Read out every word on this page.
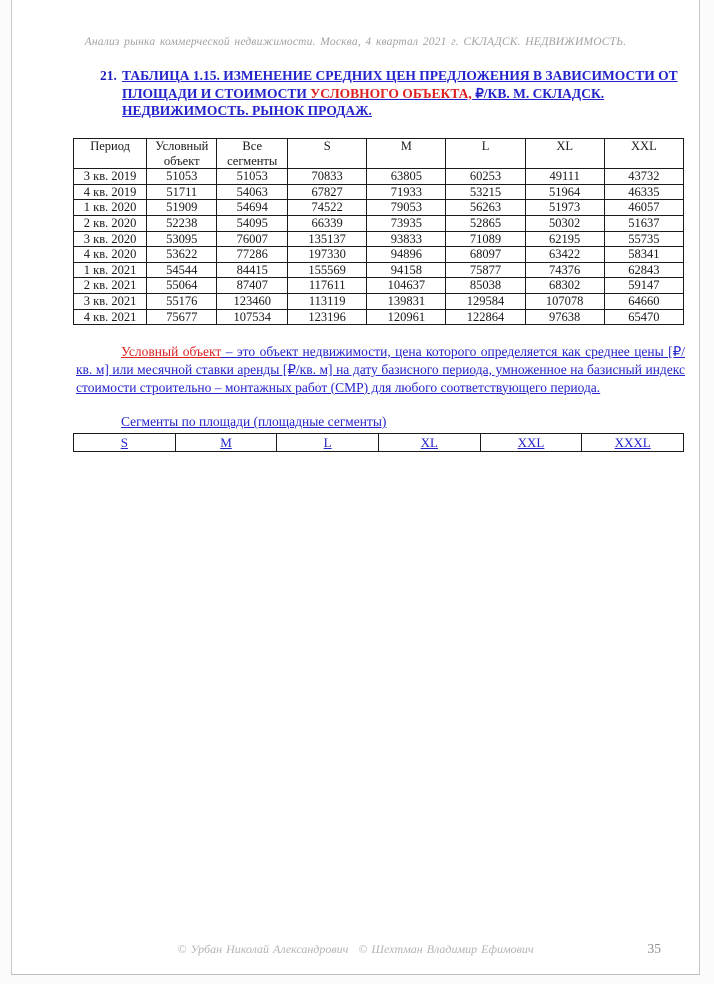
Анализ рынка коммерческой недвижимости. Москва, 4 квартал 2021 г. СКЛАДСК. НЕДВИЖИМОСТЬ.
21. ТАБЛИЦА 1.15. ИЗМЕНЕНИЕ СРЕДНИХ ЦЕН ПРЕДЛОЖЕНИЯ В ЗАВИСИМОСТИ ОТ ПЛОЩАДИ И СТОИМОСТИ УСЛОВНОГО ОБЪЕКТА, ₽/КВ. М. СКЛАДСК. НЕДВИЖИМОСТЬ. РЫНОК ПРОДАЖ.
Период	Условный объект	Все сегменты	S	M	L	XL	XXL
3 кв. 2019	51053	51053	70833	63805	60253	49111	43732
4 кв. 2019	51711	54063	67827	71933	53215	51964	46335
1 кв. 2020	51909	54694	74522	79053	56263	51973	46057
2 кв. 2020	52238	54095	66339	73935	52865	50302	51637
3 кв. 2020	53095	76007	135137	93833	71089	62195	55735
4 кв. 2020	53622	77286	197330	94896	68097	63422	58341
1 кв. 2021	54544	84415	155569	94158	75877	74376	62843
2 кв. 2021	55064	87407	117611	104637	85038	68302	59147
3 кв. 2021	55176	123460	113119	139831	129584	107078	64660
4 кв. 2021	75677	107534	123196	120961	122864	97638	65470

Условный объект – это объект недвижимости, цена которого определяется как среднее цены [₽/кв. м] или месячной ставки аренды [₽/кв. м] на дату базисного периода, умноженное на базисный индекс стоимости строительно – монтажных работ (СМР) для любого соответствующего периода.

Сегменты по площади (площадные сегменты)
S	M	L	XL	XXL	XXXL
© Урбан Николай Александрович © Шехтман Владимир Ефимович	35
